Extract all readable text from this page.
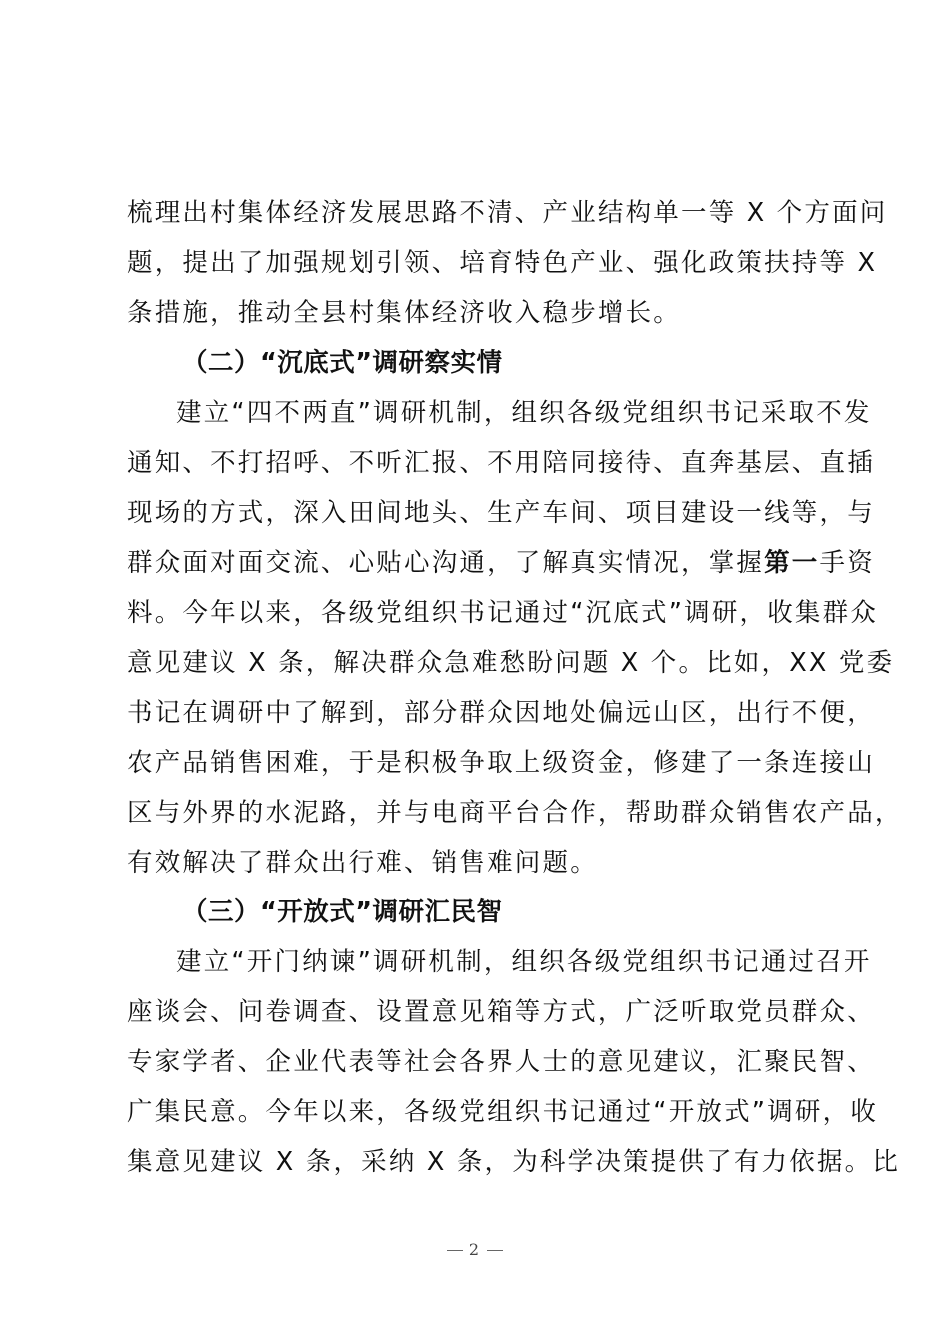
梳理出村集体经济发展思路不清、产业结构单一等 X 个方面问
题，提出了加强规划引领、培育特色产业、强化政策扶持等 X
条措施，推动全县村集体经济收入稳步增长。
（二）“沉底式”调研察实情
建立“四不两直”调研机制，组织各级党组织书记采取不发
通知、不打招呼、不听汇报、不用陪同接待、直奔基层、直插
现场的方式，深入田间地头、生产车间、项目建设一线等，与
群众面对面交流、心贴心沟通，了解真实情况，掌握第一手资
料。今年以来，各级党组织书记通过“沉底式”调研，收集群众
意见建议 X 条，解决群众急难愁盼问题 X 个。比如，XX 党委
书记在调研中了解到，部分群众因地处偏远山区，出行不便，
农产品销售困难，于是积极争取上级资金，修建了一条连接山
区与外界的水泥路，并与电商平台合作，帮助群众销售农产品，
有效解决了群众出行难、销售难问题。
（三）“开放式”调研汇民智
建立“开门纳谏”调研机制，组织各级党组织书记通过召开
座谈会、问卷调查、设置意见箱等方式，广泛听取党员群众、
专家学者、企业代表等社会各界人士的意见建议，汇聚民智、
广集民意。今年以来，各级党组织书记通过“开放式”调研，收
集意见建议 X 条，采纳 X 条，为科学决策提供了有力依据。比
2
